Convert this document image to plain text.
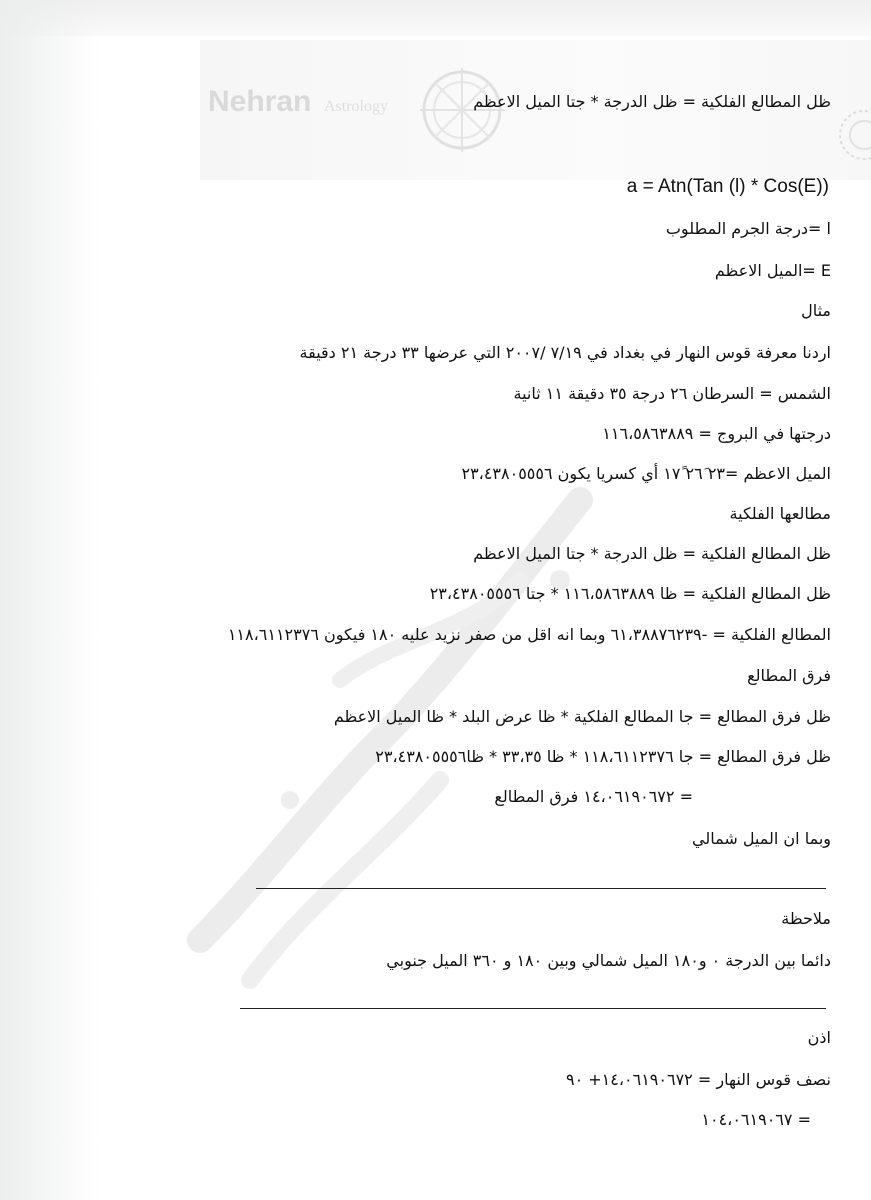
Nehran Astrology	ظل المطالع الفلكية = ظل الدرجة * جتا الميل الاعظم
a = Atn(Tan (l) * Cos(E))
l =درجة الجرم المطلوب
E =الميل الاعظم
مثال
اردنا معرفة قوس النهار في بغداد في ٧/١٩ /٢٠٠٧ التي عرضها ٣٣ درجة ٢١ دقيقة
الشمس = السرطان ٢٦ درجة ٣٥ دقيقة ١١ ثانية
درجتها في البروج = ١١٦،٥٨٦٣٨٨٩
الميل الاعظم =٢٣ ٢٦َ ١٧ً أي كسريا يكون ٢٣،٤٣٨٠٥٥٥٦
مطالعها الفلكية
ظل المطالع الفلكية = ظل الدرجة * جتا الميل الاعظم
ظل المطالع الفلكية = ظا ١١٦،٥٨٦٣٨٨٩ * جتا ٢٣،٤٣٨٠٥٥٥٦
المطالع الفلكية = -٦١،٣٨٨٧٦٢٣٩ وبما انه اقل من صفر نزيد عليه ١٨٠ فيكون ١١٨،٦١١٢٣٧٦
فرق المطالع
ظل فرق المطالع = جا المطالع الفلكية * ظا عرض البلد * ظا الميل الاعظم
ظل فرق المطالع = جا ١١٨،٦١١٢٣٧٦ * ظا ٣٣،٣٥ * ظا٢٣،٤٣٨٠٥٥٥٦
= ١٤،٠٦١٩٠٦٧٢ فرق المطالع
وبما ان الميل شمالي
ملاحظة
دائما بين الدرجة ٠ و١٨٠ الميل شمالي وبين ١٨٠ و ٣٦٠ الميل جنوبي
اذن
نصف قوس النهار = ١٤،٠٦١٩٠٦٧٢+ ٩٠
= ١٠٤،٠٦١٩٠٦٧
